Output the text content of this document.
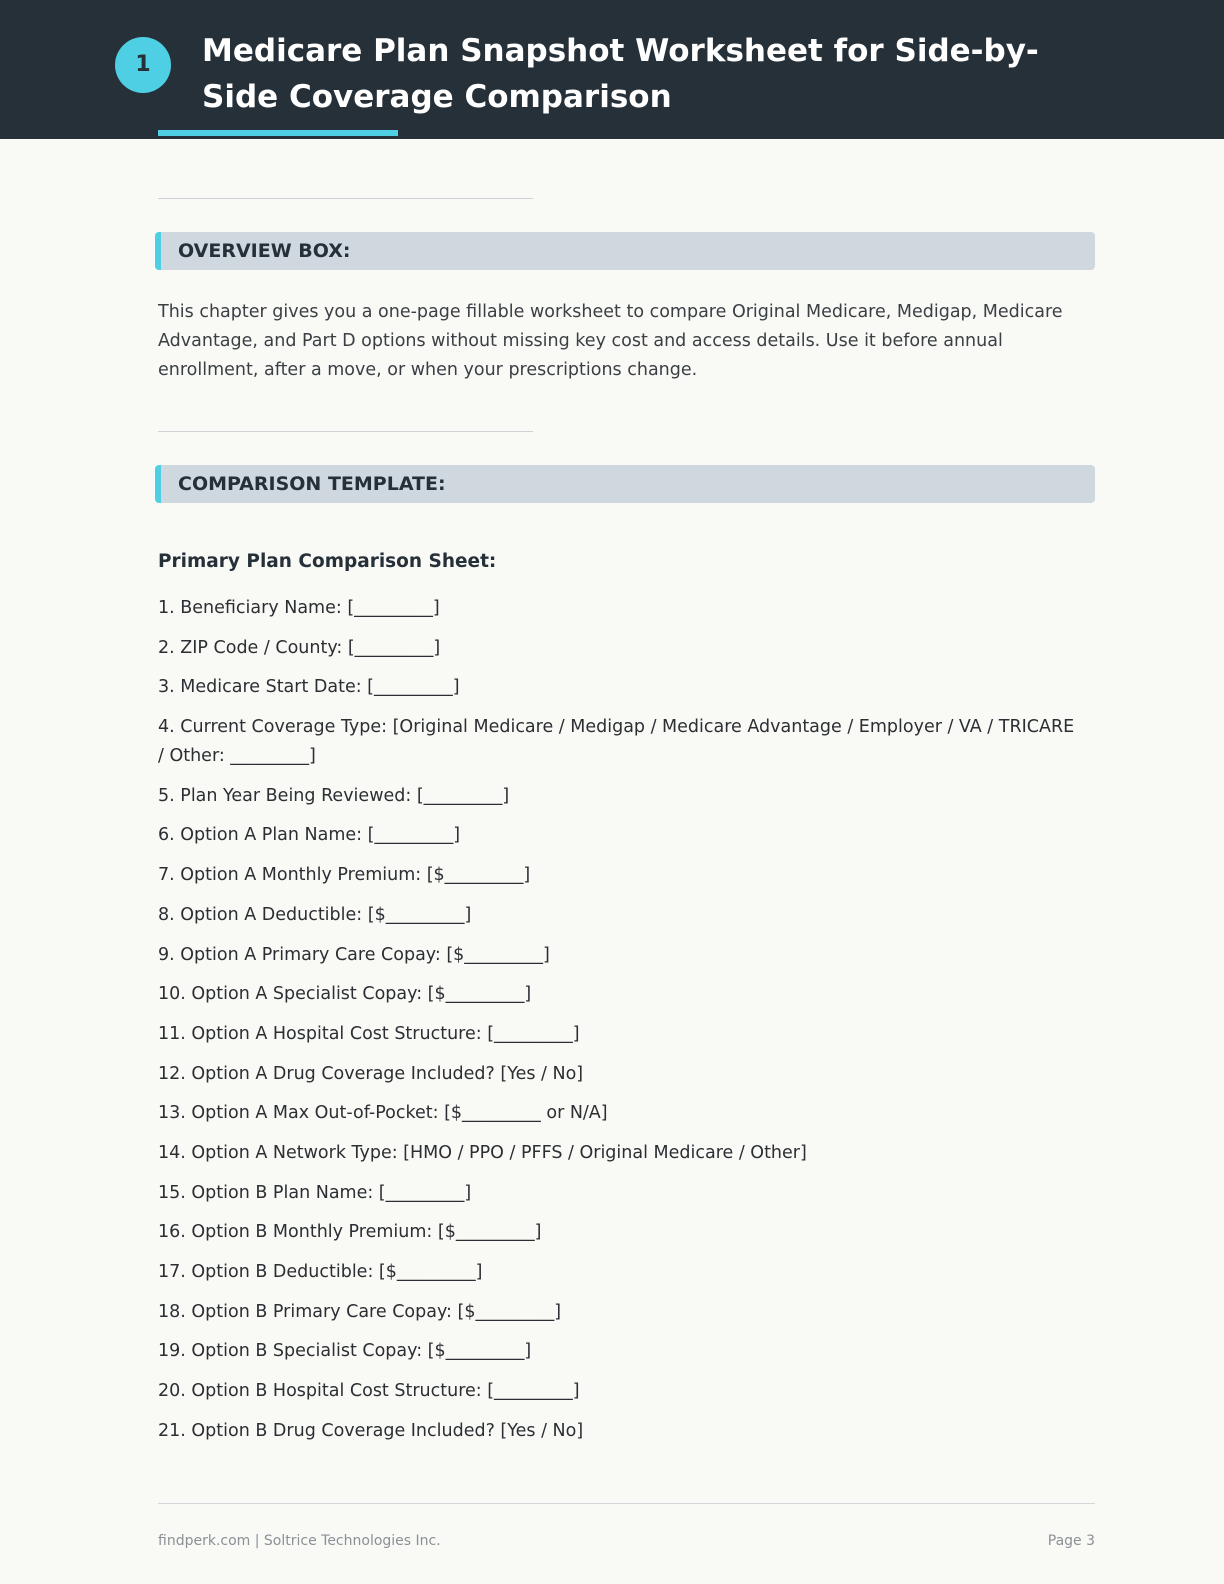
1	Medicare Plan Snapshot Worksheet for Side-by-Side Coverage Comparison
OVERVIEW BOX:

This chapter gives you a one-page fillable worksheet to compare Original Medicare, Medigap, Medicare Advantage, and Part D options without missing key cost and access details. Use it before annual enrollment, after a move, or when your prescriptions change.

COMPARISON TEMPLATE:
Primary Plan Comparison Sheet:
1. Beneficiary Name: [_________]
2. ZIP Code / County: [_________]
3. Medicare Start Date: [_________]
4. Current Coverage Type: [Original Medicare / Medigap / Medicare Advantage / Employer / VA / TRICARE / Other: _________]
5. Plan Year Being Reviewed: [_________]
6. Option A Plan Name: [_________]
7. Option A Monthly Premium: [$_________]
8. Option A Deductible: [$_________]
9. Option A Primary Care Copay: [$_________]
10. Option A Specialist Copay: [$_________]
11. Option A Hospital Cost Structure: [_________]
12. Option A Drug Coverage Included? [Yes / No]
13. Option A Max Out-of-Pocket: [$_________ or N/A]
14. Option A Network Type: [HMO / PPO / PFFS / Original Medicare / Other]
15. Option B Plan Name: [_________]
16. Option B Monthly Premium: [$_________]
17. Option B Deductible: [$_________]
18. Option B Primary Care Copay: [$_________]
19. Option B Specialist Copay: [$_________]
20. Option B Hospital Cost Structure: [_________]
21. Option B Drug Coverage Included? [Yes / No]
findperk.com | Soltrice Technologies Inc.	Page 3
